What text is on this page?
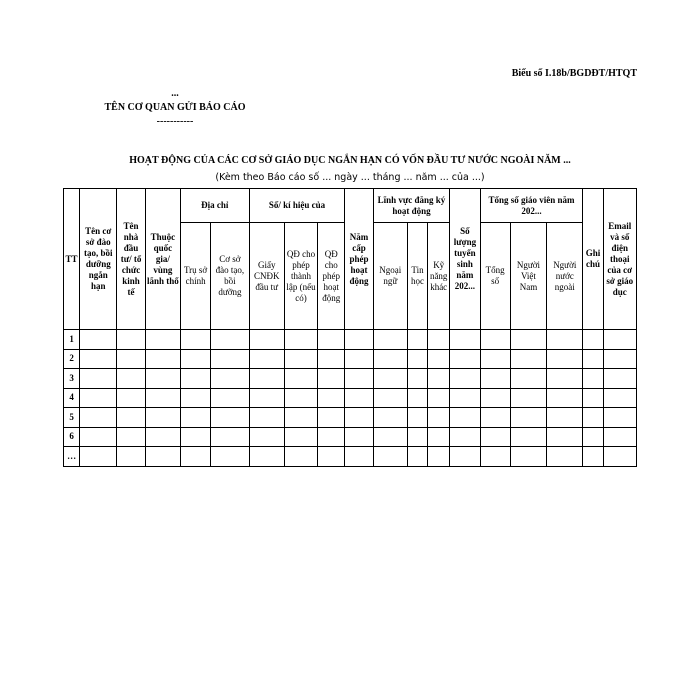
Biểu số I.18b/BGDĐT/HTQT
...
TÊN CƠ QUAN GỬI BÁO CÁO
-----------
HOẠT ĐỘNG CỦA CÁC CƠ SỞ GIÁO DỤC NGẮN HẠN CÓ VỐN ĐẦU TƯ NƯỚC NGOÀI NĂM ...
(Kèm theo Báo cáo số ... ngày ... tháng ... năm ... của ...)
TT	Tên cơ sở đào tạo, bồi dưỡng ngắn hạn	Tên nhà đầu tư/ tổ chức kinh tế	Thuộc quốc gia/ vùng lãnh thổ	Địa chỉ		Số/ kí hiệu của			Năm cấp phép hoạt động	Lĩnh vực đăng ký hoạt động			Số lượng tuyển sinh năm 202...	Tổng số giáo viên năm 202...			Ghi chú	Email và số điện thoại của cơ sở giáo dục
				Trụ sở chính	Cơ sở đào tạo, bồi dưỡng	Giấy CNĐK đầu tư	QĐ cho phép thành lập (nếu có)	QĐ cho phép hoạt động		Ngoại ngữ	Tin học	Kỹ năng khác		Tổng số	Người Việt Nam	Người nước ngoài		
1																		
2																		
3																		
4																		
5																		
6																		
…																		
